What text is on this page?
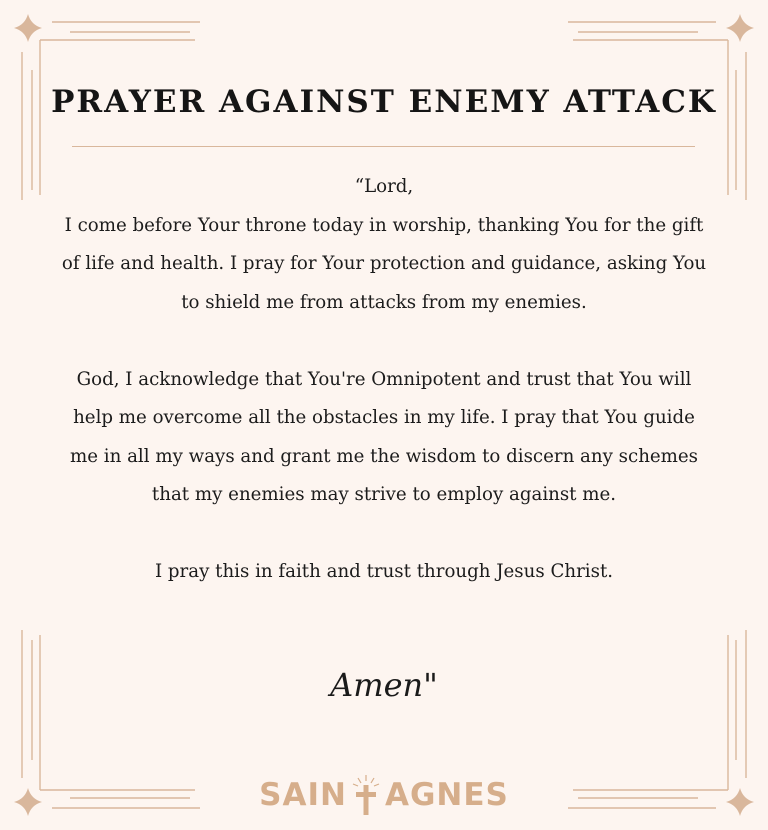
PRAYER AGAINST ENEMY ATTACK

“Lord,

I come before Your throne today in worship, thanking You for the gift of life and health. I pray for Your protection and guidance, asking You to shield me from attacks from my enemies.

God, I acknowledge that You're Omnipotent and trust that You will help me overcome all the obstacles in my life. I pray that You guide me in all my ways and grant me the wisdom to discern any schemes that my enemies may strive to employ against me.

I pray this in faith and trust through Jesus Christ.

Amen"
SAIN AGNES
